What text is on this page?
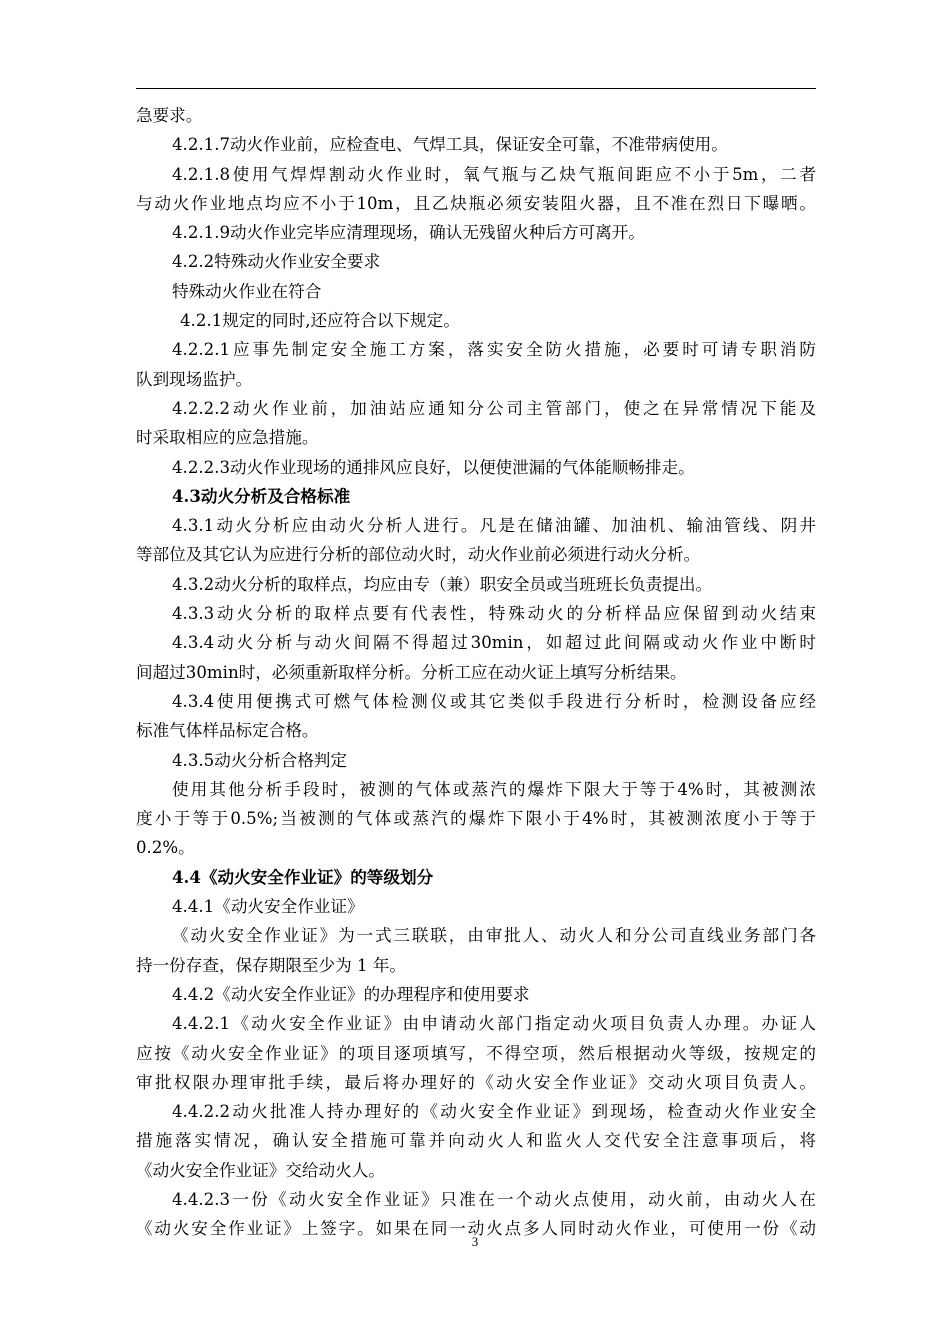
急要求。
4.2.1.7动火作业前，应检查电、气焊工具，保证安全可靠，不准带病使用。
4.2.1.8使用气焊焊割动火作业时，氧气瓶与乙炔气瓶间距应不小于5m，二者
与动火作业地点均应不小于10m，且乙炔瓶必须安装阻火器，且不准在烈日下曝晒。
4.2.1.9动火作业完毕应清理现场，确认无残留火种后方可离开。
4.2.2特殊动火作业安全要求
特殊动火作业在符合
4.2.1规定的同时,还应符合以下规定。
4.2.2.1应事先制定安全施工方案，落实安全防火措施，必要时可请专职消防
队到现场监护。
4.2.2.2动火作业前，加油站应通知分公司主管部门，使之在异常情况下能及
时采取相应的应急措施。
4.2.2.3动火作业现场的通排风应良好，以便使泄漏的气体能顺畅排走。
4.3动火分析及合格标准
4.3.1动火分析应由动火分析人进行。凡是在储油罐、加油机、输油管线、阴井
等部位及其它认为应进行分析的部位动火时，动火作业前必须进行动火分析。
4.3.2动火分析的取样点，均应由专（兼）职安全员或当班班长负责提出。
4.3.3动火分析的取样点要有代表性，特殊动火的分析样品应保留到动火结束
4.3.4动火分析与动火间隔不得超过30min，如超过此间隔或动火作业中断时
间超过30min时，必须重新取样分析。分析工应在动火证上填写分析结果。
4.3.4使用便携式可燃气体检测仪或其它类似手段进行分析时，检测设备应经
标准气体样品标定合格。
4.3.5动火分析合格判定
使用其他分析手段时，被测的气体或蒸汽的爆炸下限大于等于4%时，其被测浓
度小于等于0.5%;当被测的气体或蒸汽的爆炸下限小于4%时，其被测浓度小于等于
0.2%。
4.4《动火安全作业证》的等级划分
4.4.1《动火安全作业证》
《动火安全作业证》为一式三联联，由审批人、动火人和分公司直线业务部门各
持一份存查，保存期限至少为 1 年。
4.4.2《动火安全作业证》的办理程序和使用要求
4.4.2.1《动火安全作业证》由申请动火部门指定动火项目负责人办理。办证人
应按《动火安全作业证》的项目逐项填写，不得空项，然后根据动火等级，按规定的
审批权限办理审批手续，最后将办理好的《动火安全作业证》交动火项目负责人。
4.4.2.2动火批准人持办理好的《动火安全作业证》到现场，检查动火作业安全
措施落实情况，确认安全措施可靠并向动火人和监火人交代安全注意事项后，将
《动火安全作业证》交给动火人。
4.4.2.3一份《动火安全作业证》只准在一个动火点使用，动火前，由动火人在
《动火安全作业证》上签字。如果在同一动火点多人同时动火作业，可使用一份《动
3
